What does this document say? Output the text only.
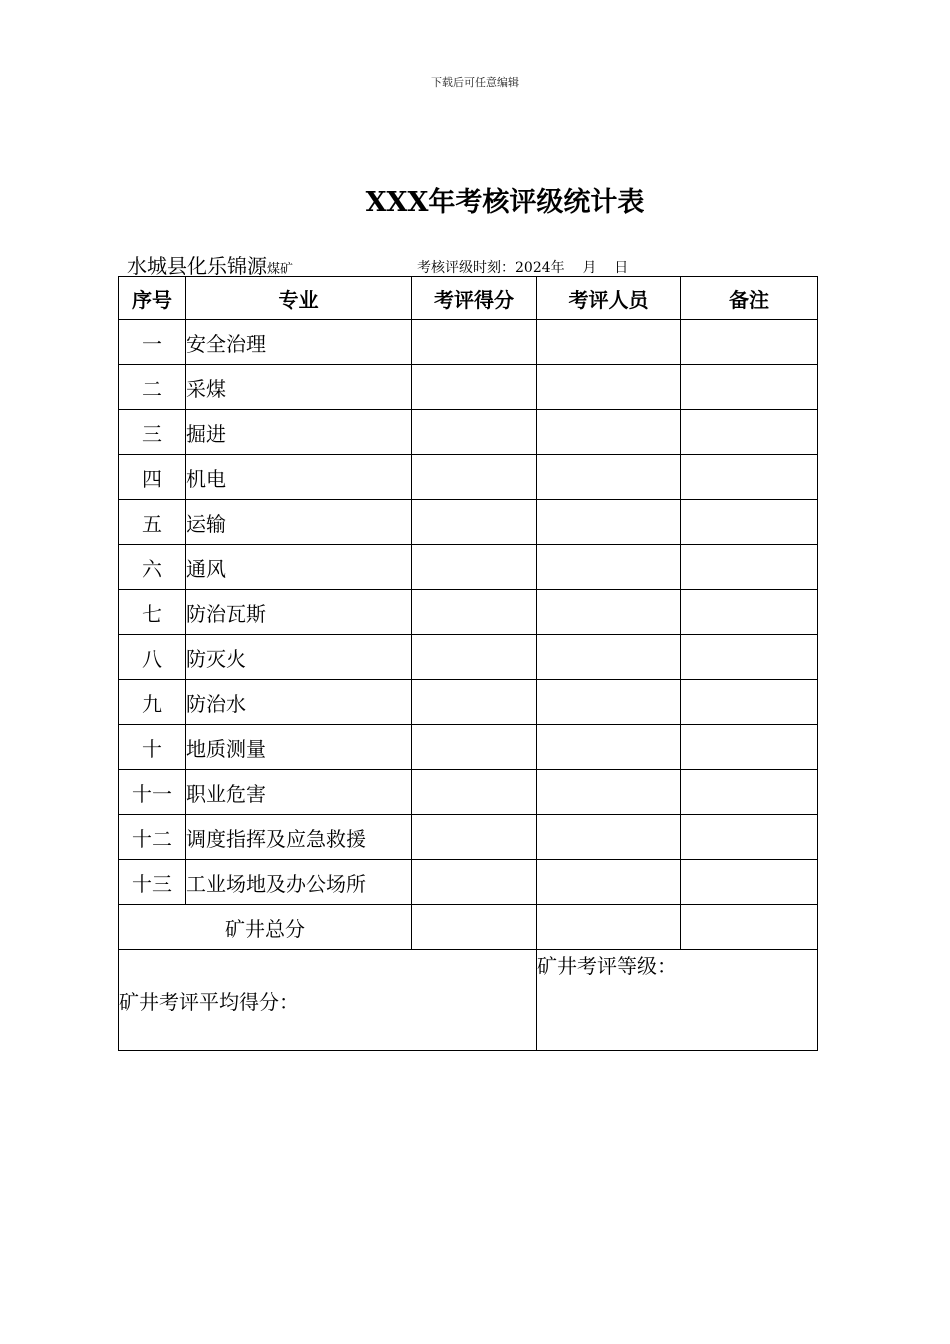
下载后可任意编辑
XXX年考核评级统计表
水城县化乐锦源煤矿	考核评级时刻：2024年 月 日
序号	专业	考评得分	考评人员	备注
一	安全治理			
二	采煤			
三	掘进			
四	机电			
五	运输			
六	通风			
七	防治瓦斯			
八	防灭火			
九	防治水			
十	地质测量			
十一	职业危害			
十二	调度指挥及应急救援			
十三	工业场地及办公场所			
矿井总分				
矿井考评平均得分：			矿井考评等级：	
